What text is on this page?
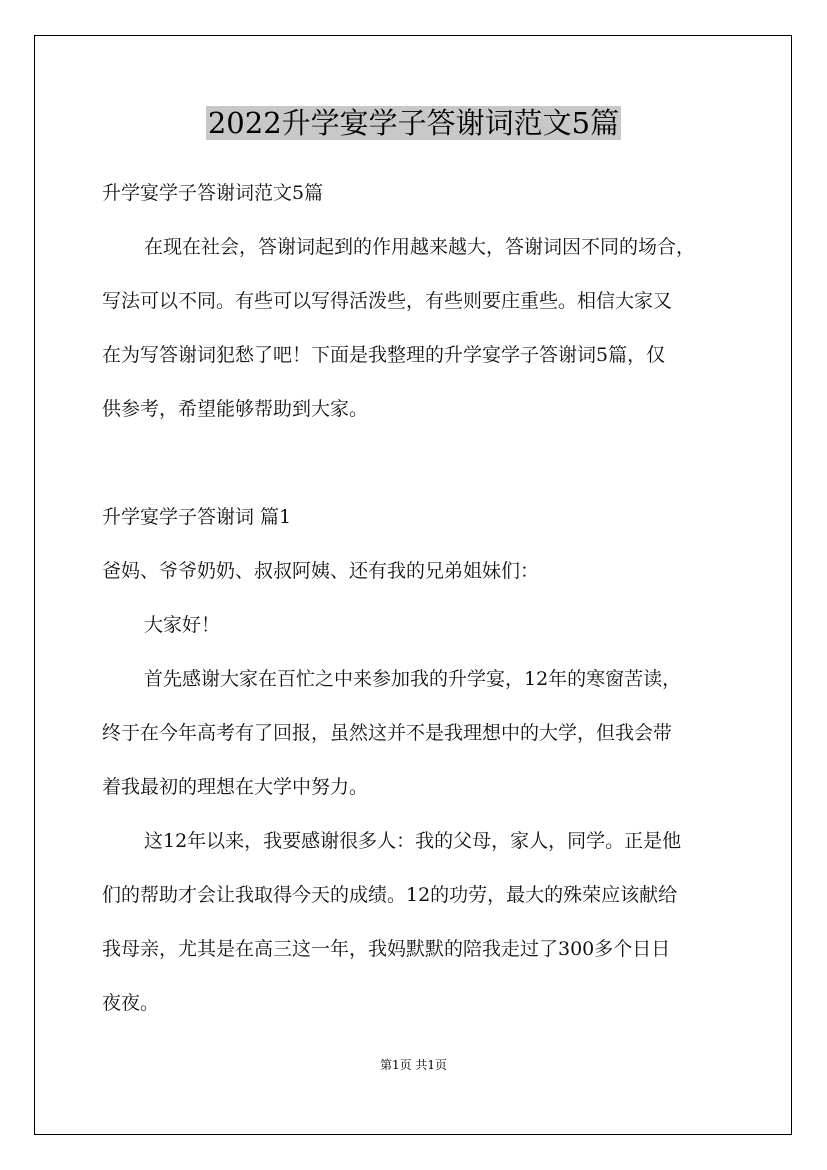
2022升学宴学子答谢词范文5篇

升学宴学子答谢词范文5篇

在现在社会，答谢词起到的作用越来越大，答谢词因不同的场合，
写法可以不同。有些可以写得活泼些，有些则要庄重些。相信大家又
在为写答谢词犯愁了吧！下面是我整理的升学宴学子答谢词5篇，仅
供参考，希望能够帮助到大家。

升学宴学子答谢词 篇1

爸妈、爷爷奶奶、叔叔阿姨、还有我的兄弟姐妹们：

大家好！

首先感谢大家在百忙之中来参加我的升学宴，12年的寒窗苦读，
终于在今年高考有了回报，虽然这并不是我理想中的大学，但我会带
着我最初的理想在大学中努力。

这12年以来，我要感谢很多人：我的父母，家人，同学。正是他
们的帮助才会让我取得今天的成绩。12的功劳，最大的殊荣应该献给
我母亲，尤其是在高三这一年，我妈默默的陪我走过了300多个日日
夜夜。

第1页 共1页
